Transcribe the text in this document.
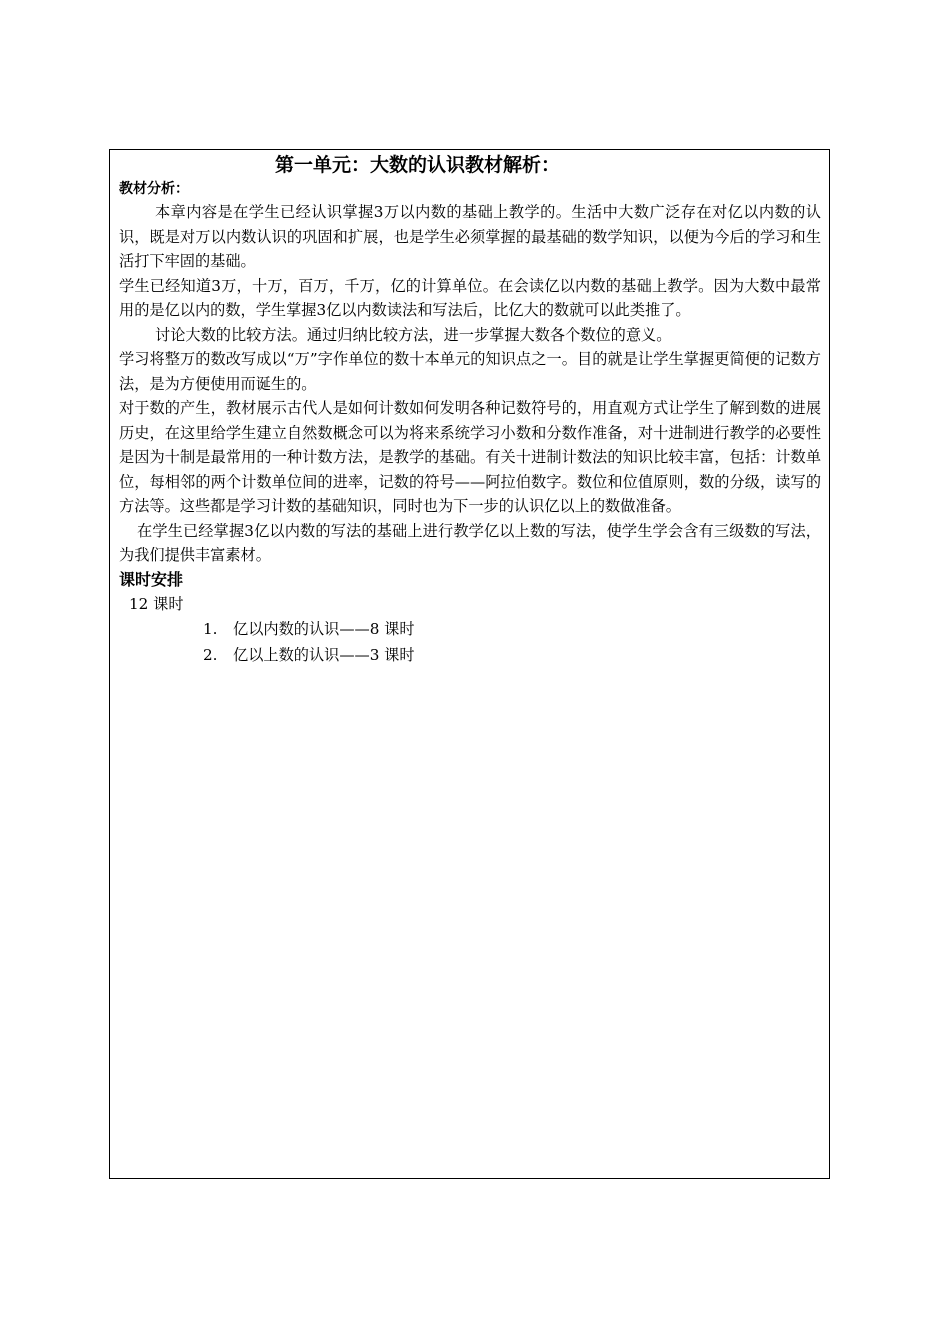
第一单元：大数的认识教材解析：
教材分析：

本章内容是在学生已经认识掌握3万以内数的基础上教学的。生活中大数广泛存在对亿以内数的认识，既是对万以内数认识的巩固和扩展，也是学生必须掌握的最基础的数学知识，以便为今后的学习和生活打下牢固的基础。

学生已经知道3万，十万，百万，千万，亿的计算单位。在会读亿以内数的基础上教学。因为大数中最常用的是亿以内的数，学生掌握3亿以内数读法和写法后，比亿大的数就可以此类推了。

讨论大数的比较方法。通过归纳比较方法，进一步掌握大数各个数位的意义。

学习将整万的数改写成以“万”字作单位的数十本单元的知识点之一。目的就是让学生掌握更简便的记数方法，是为方便使用而诞生的。

对于数的产生，教材展示古代人是如何计数如何发明各种记数符号的，用直观方式让学生了解到数的进展历史，在这里给学生建立自然数概念可以为将来系统学习小数和分数作准备，对十进制进行教学的必要性是因为十制是最常用的一种计数方法，是教学的基础。有关十进制计数法的知识比较丰富，包括：计数单位，每相邻的两个计数单位间的进率，记数的符号——阿拉伯数字。数位和位值原则，数的分级，读写的方法等。这些都是学习计数的基础知识，同时也为下一步的认识亿以上的数做准备。

在学生已经掌握3亿以内数的写法的基础上进行教学亿以上数的写法，使学生学会含有三级数的写法，为我们提供丰富素材。

课时安排
12 课时
1. 亿以内数的认识——8 课时
2. 亿以上数的认识——3 课时
